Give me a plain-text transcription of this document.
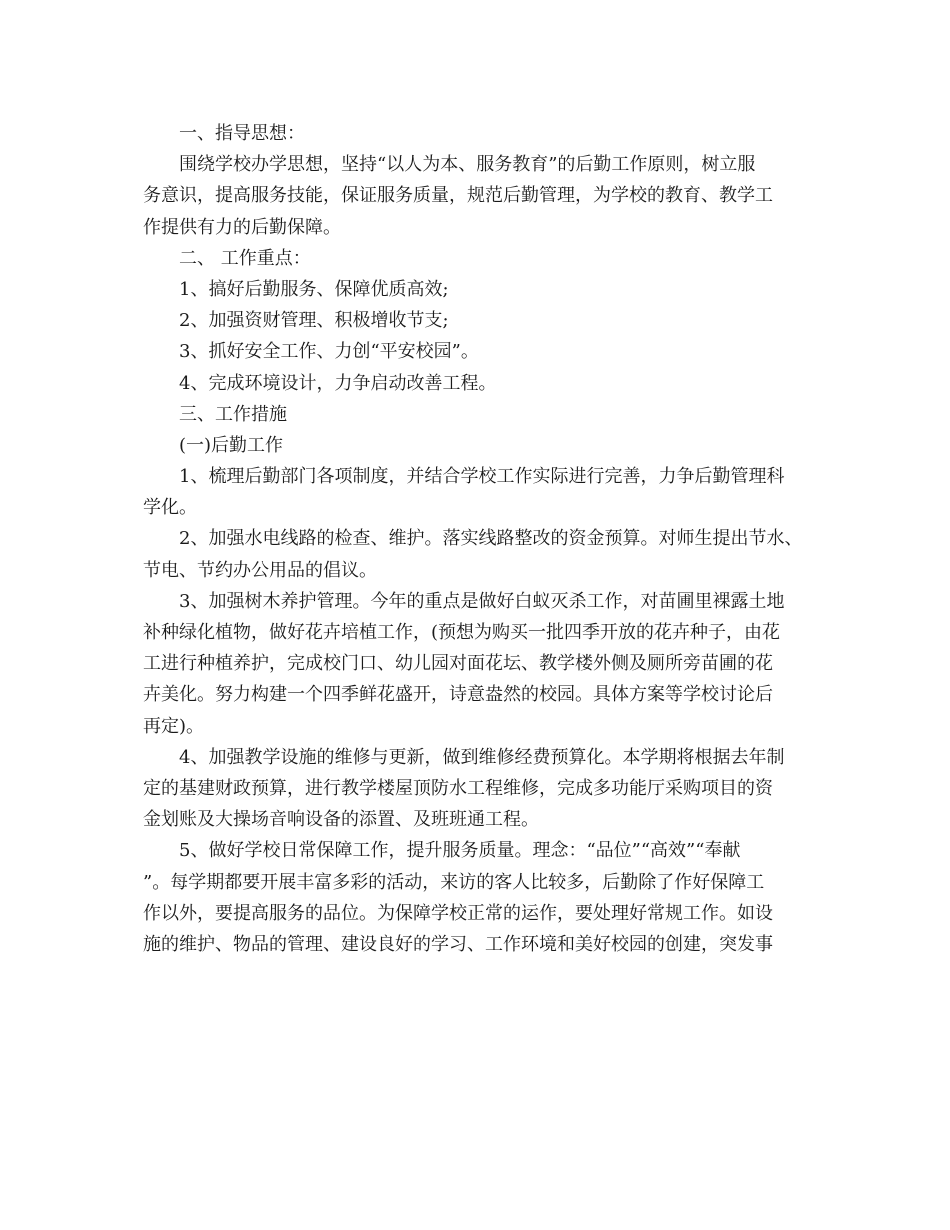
一、指导思想：
围绕学校办学思想，坚持“以人为本、服务教育”的后勤工作原则，树立服
务意识，提高服务技能，保证服务质量，规范后勤管理，为学校的教育、教学工
作提供有力的后勤保障。
二、 工作重点：
1、搞好后勤服务、保障优质高效;
2、加强资财管理、积极增收节支;
3、抓好安全工作、力创“平安校园”。
4、完成环境设计，力争启动改善工程。
三、工作措施
(一)后勤工作
1、梳理后勤部门各项制度，并结合学校工作实际进行完善，力争后勤管理科
学化。
2、加强水电线路的检查、维护。落实线路整改的资金预算。对师生提出节水、
节电、节约办公用品的倡议。
3、加强树木养护管理。今年的重点是做好白蚁灭杀工作，对苗圃里裸露土地
补种绿化植物，做好花卉培植工作，(预想为购买一批四季开放的花卉种子，由花
工进行种植养护，完成校门口、幼儿园对面花坛、教学楼外侧及厕所旁苗圃的花
卉美化。努力构建一个四季鲜花盛开，诗意盎然的校园。具体方案等学校讨论后
再定)。
4、加强教学设施的维修与更新，做到维修经费预算化。本学期将根据去年制
定的基建财政预算，进行教学楼屋顶防水工程维修，完成多功能厅采购项目的资
金划账及大操场音响设备的添置、及班班通工程。
5、做好学校日常保障工作，提升服务质量。理念：“品位”“高效”“奉献
”。每学期都要开展丰富多彩的活动，来访的客人比较多，后勤除了作好保障工
作以外，要提高服务的品位。为保障学校正常的运作，要处理好常规工作。如设
施的维护、物品的管理、建设良好的学习、工作环境和美好校园的创建，突发事
